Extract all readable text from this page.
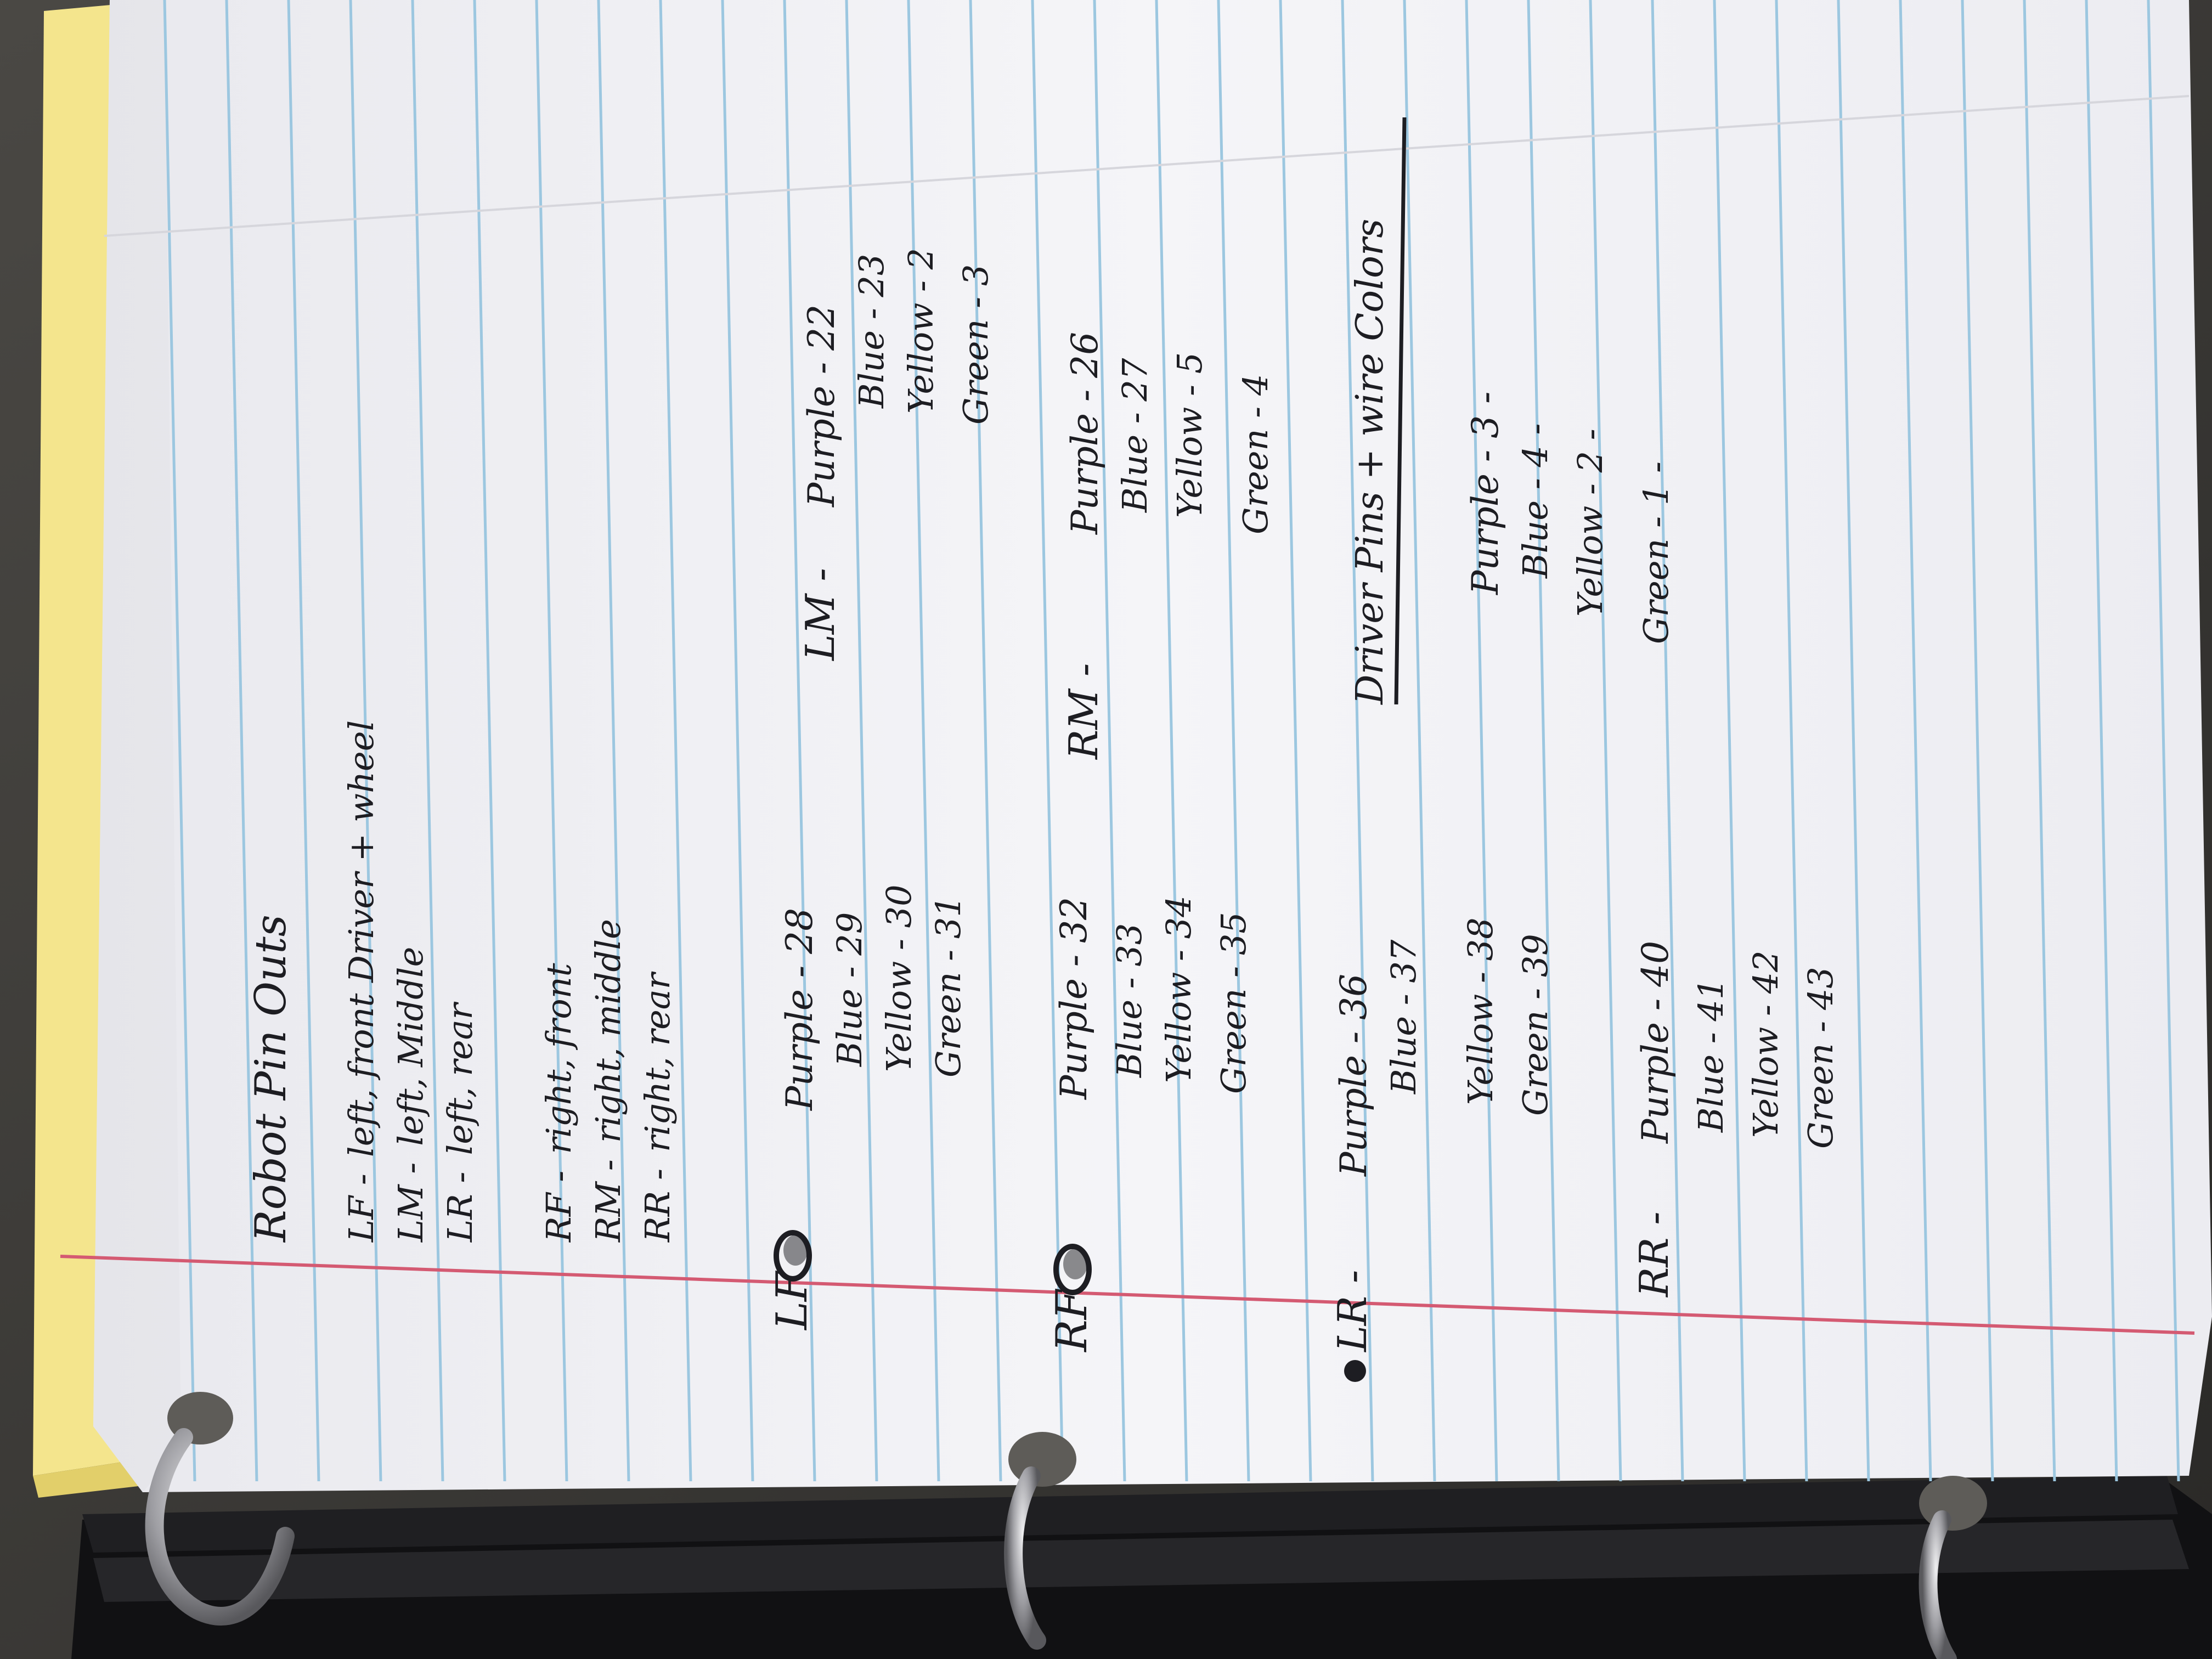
Robot Pin Outs LF -left, front Driver + wheel
LM -left, Middle
LR -left, rear
RF -right, front
RM -right, middle
RR -right, rear
LF
Purple - 28 Blue - 29 Yellow - 30 Green - 31
RF
Purple - 32 Blue - 33 Yellow - 34 Green - 35
LR -
Purple - 36 Blue - 37 Yellow - 38 Green - 39
RR -
Purple - 40 Blue - 41 Yellow - 42 Green - 43
LM -
Purple - 22 Blue - 23 Yellow - 2 Green - 3
RM -
Purple - 26 Blue - 27 Yellow - 5 Green - 4 Driver Pins + wire Colors Purple - 3 - Blue - 4 - Yellow - 2 - Green - 1 -
